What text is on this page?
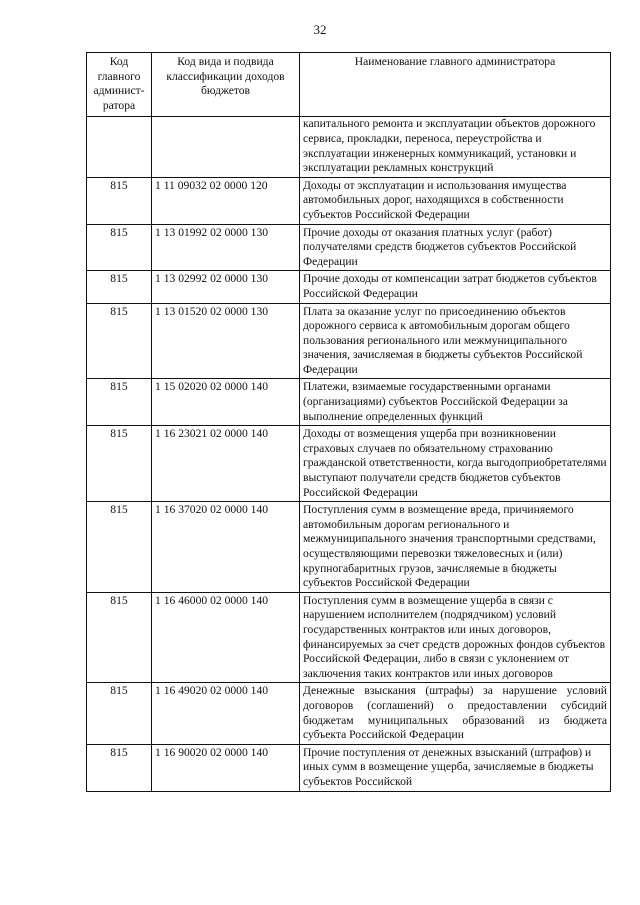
32
Код главного админист-ратора	Код вида и подвида классификации доходов бюджетов	Наименование главного администратора
		капитального ремонта и эксплуатации объектов дорожного сервиса, прокладки, переноса, переустройства и эксплуатации инженерных коммуникаций, установки и эксплуатации рекламных конструкций
815	1 11 09032 02 0000 120	Доходы от эксплуатации и использования имущества автомобильных дорог, находящихся в собственности субъектов Российской Федерации
815	1 13 01992 02 0000 130	Прочие доходы от оказания платных услуг (работ) получателями средств бюджетов субъектов Российской Федерации
815	1 13 02992 02 0000 130	Прочие доходы от компенсации затрат бюджетов субъектов Российской Федерации
815	1 13 01520 02 0000 130	Плата за оказание услуг по присоединению объектов дорожного сервиса к автомобильным дорогам общего пользования регионального или межмуниципального значения, зачисляемая в бюджеты субъектов Российской Федерации
815	1 15 02020 02 0000 140	Платежи, взимаемые государственными органами (организациями) субъектов Российской Федерации за выполнение определенных функций
815	1 16 23021 02 0000 140	Доходы от возмещения ущерба при возникновении страховых случаев по обязательному страхованию гражданской ответственности, когда выгодоприобретателями выступают получатели средств бюджетов субъектов Российской Федерации
815	1 16 37020 02 0000 140	Поступления сумм в возмещение вреда, причиняемого автомобильным дорогам регионального и межмуниципального значения транспортными средствами, осуществляющими перевозки тяжеловесных и (или) крупногабаритных грузов, зачисляемые в бюджеты субъектов Российской Федерации
815	1 16 46000 02 0000 140	Поступления сумм в возмещение ущерба в связи с нарушением исполнителем (подрядчиком) условий государственных контрактов или иных договоров, финансируемых за счет средств дорожных фондов субъектов Российской Федерации, либо в связи с уклонением от заключения таких контрактов или иных договоров
815	1 16 49020 02 0000 140	Денежные взыскания (штрафы) за нарушение условий договоров (соглашений) о предоставлении субсидий бюджетам муниципальных образований из бюджета субъекта Российской Федерации
815	1 16 90020 02 0000 140	Прочие поступления от денежных взысканий (штрафов) и иных сумм в возмещение ущерба, зачисляемые в бюджеты субъектов Российской
